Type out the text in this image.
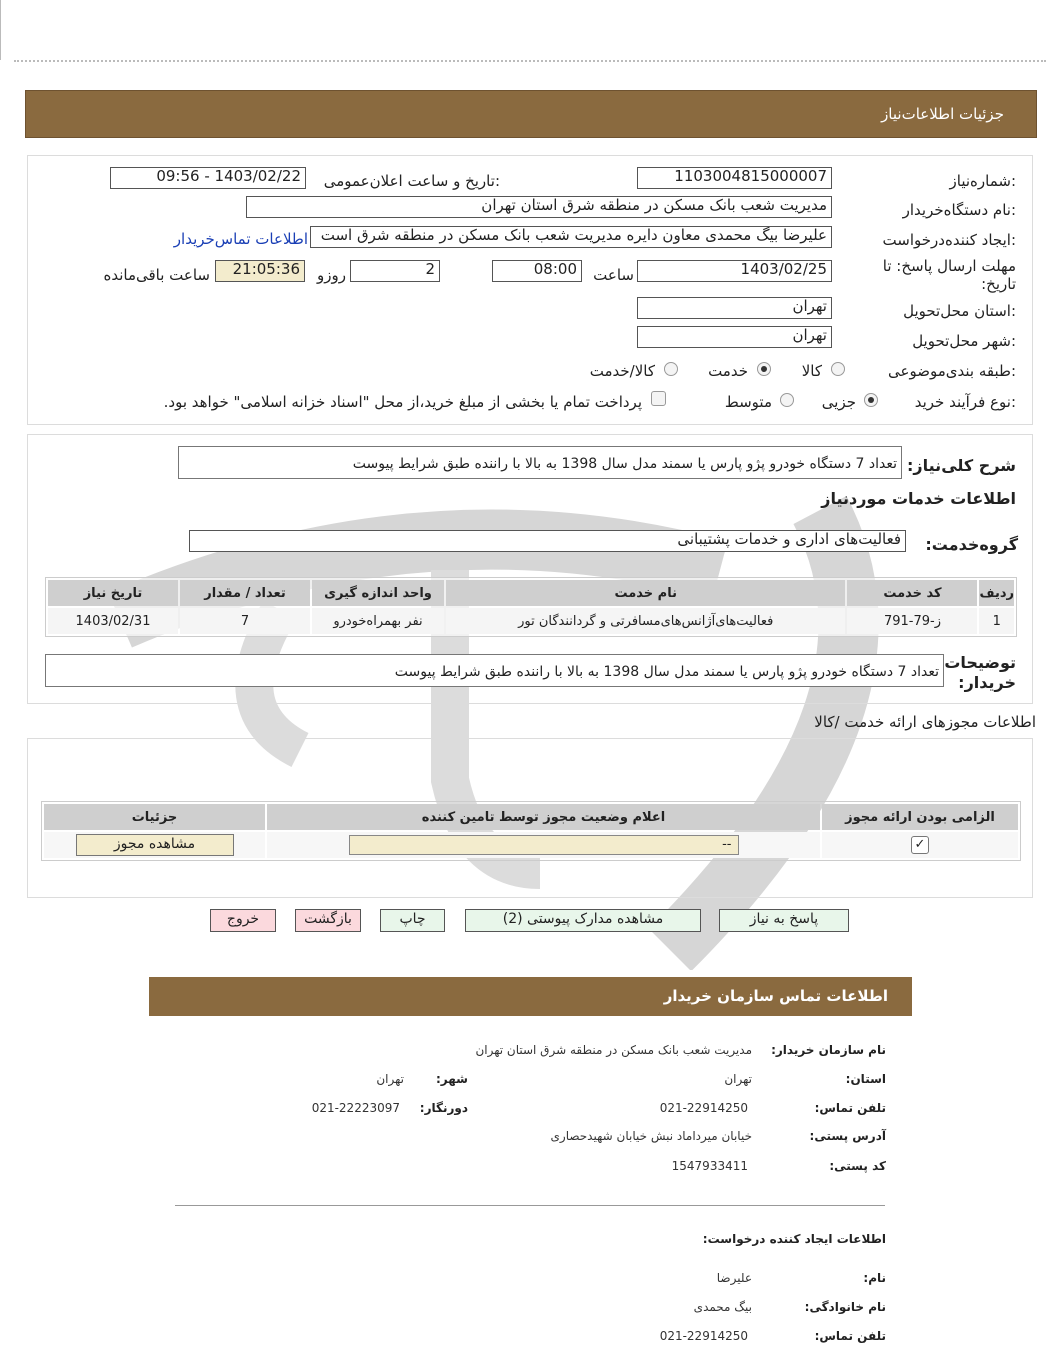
جزئیات اطلاعات‌نیاز
شماره‌نیاز:
1103004815000007
تاریخ و ساعت اعلان‌عمومی:
1403/02/22 - 09:56
نام دستگاه‌خریدار:
مدیریت شعب بانک مسکن در منطقه شرق استان تهران
ایجاد کننده‌درخواست:
علیرضا بیگ محمدی معاون دایره مدیریت شعب بانک مسکن در منطقه شرق است
اطلاعات تماس‌خریدار
مهلت ارسال پاسخ: تا تاریخ:
1403/02/25
ساعت
08:00
2
روزو
21:05:36
ساعت باقی‌مانده
استان محل‌تحویل:
تهران
شهر محل‌تحویل:
تهران
طبقه بندی‌موضوعی:
کالا
خدمت
کالا/خدمت
نوع فرآیند خرید:
جزیی
متوسط
پرداخت تمام یا بخشی از مبلغ خرید،از محل "اسناد خزانه اسلامی" خواهد بود.
شرح کلی‌نیاز:
تعداد 7 دستگاه خودرو پژو پارس یا سمند مدل سال 1398 به بالا با راننده طبق شرایط پیوست
اطلاعات خدمات موردنیاز
گروه‌خدمت:
فعالیت‌های اداری و خدمات پشتیبانی
ردیف	کد خدمت	نام خدمت	واحد اندازه گیری	تعداد / مقدار	تاریخ نیاز
1	ز-79-791	فعالیت‌های‌آژانس‌های‌مسافرتی و گردانندگان تور	نفر بهمراه‌خودرو	7	1403/02/31
توضیحات خریدار:
تعداد 7 دستگاه خودرو پژو پارس یا سمند مدل سال 1398 به بالا با راننده طبق شرایط پیوست
اطلاعات مجوزهای ارائه خدمت /کالا
الزامی بودن ارائه مجوز	اعلام وضعیت مجوز توسط تامین کننده	جزئیات
✓	--	مشاهده مجوز
پاسخ به نیاز
مشاهده مدارک پیوستی (2)
چاپ
بازگشت
خروج
اطلاعات تماس سازمان خریدار
نام سازمان خریدار:
مدیریت شعب بانک مسکن در منطقه شرق استان تهران
استان:
تهران
شهر:
تهران
تلفن تماس:
021-22914250
دورنگار:
021-22223097
آدرس پستی:
خیابان میرداماد نبش خیابان شهیدحصاری
کد پستی:
1547933411
اطلاعات ایجاد کننده درخواست:
نام:
علیرضا
نام خانوادگی:
بیگ محمدی
تلفن تماس:
021-22914250
